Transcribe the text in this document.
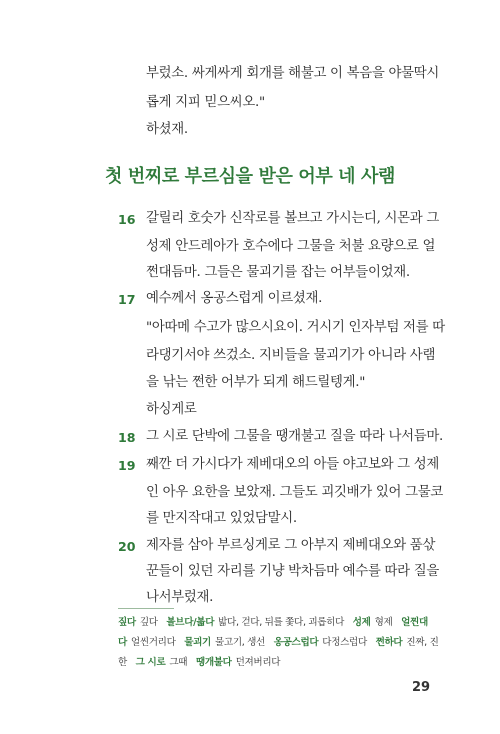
부렀소. 싸게싸게 회개를 해불고 이 복음을 야물딱시
롭게 지피 믿으씨오."
하셨재.
첫 번찌로 부르심을 받은 어부 네 사램
16 갈릴리 호숫가 신작로를 볼브고 가시는디, 시몬과 그
성제 안드레아가 호수에다 그물을 처불 요량으로 얼
쩐대듬마. 그들은 물괴기를 잡는 어부들이었재.
17 예수께서 옹공스럽게 이르셨재.
"아따메 수고가 많으시요이. 거시기 인자부텀 저를 따
라댕기서야 쓰겄소. 지비들을 물괴기가 아니라 사램
을 낚는 쩐한 어부가 되게 해드릴텡게."
하싱게로
18 그 시로 단박에 그물을 땡개불고 질을 따라 나서듬마.
19 째깐 더 가시다가 제베대오의 아들 야고보와 그 성제
인 아우 요한을 보았재. 그들도 괴깃배가 있어 그물코
를 만지작대고 있었담말시.
20 제자를 삼아 부르싱게로 그 아부지 제베대오와 품삯
꾼들이 있던 자리를 기냥 박차듬마 예수를 따라 질을
짚다 깊다 볼브다/볿다 밟다, 걷다, 뒤를 쫓다, 괴롭히다 성제 형제 얼찐대다 얼씬거리다 물괴기 물고기, 생선 옹공스럽다 다정스럽다 쩐하다 진짜, 진한 그 시로 그때 땡개불다 던져버리다
29
나서부렀재.
